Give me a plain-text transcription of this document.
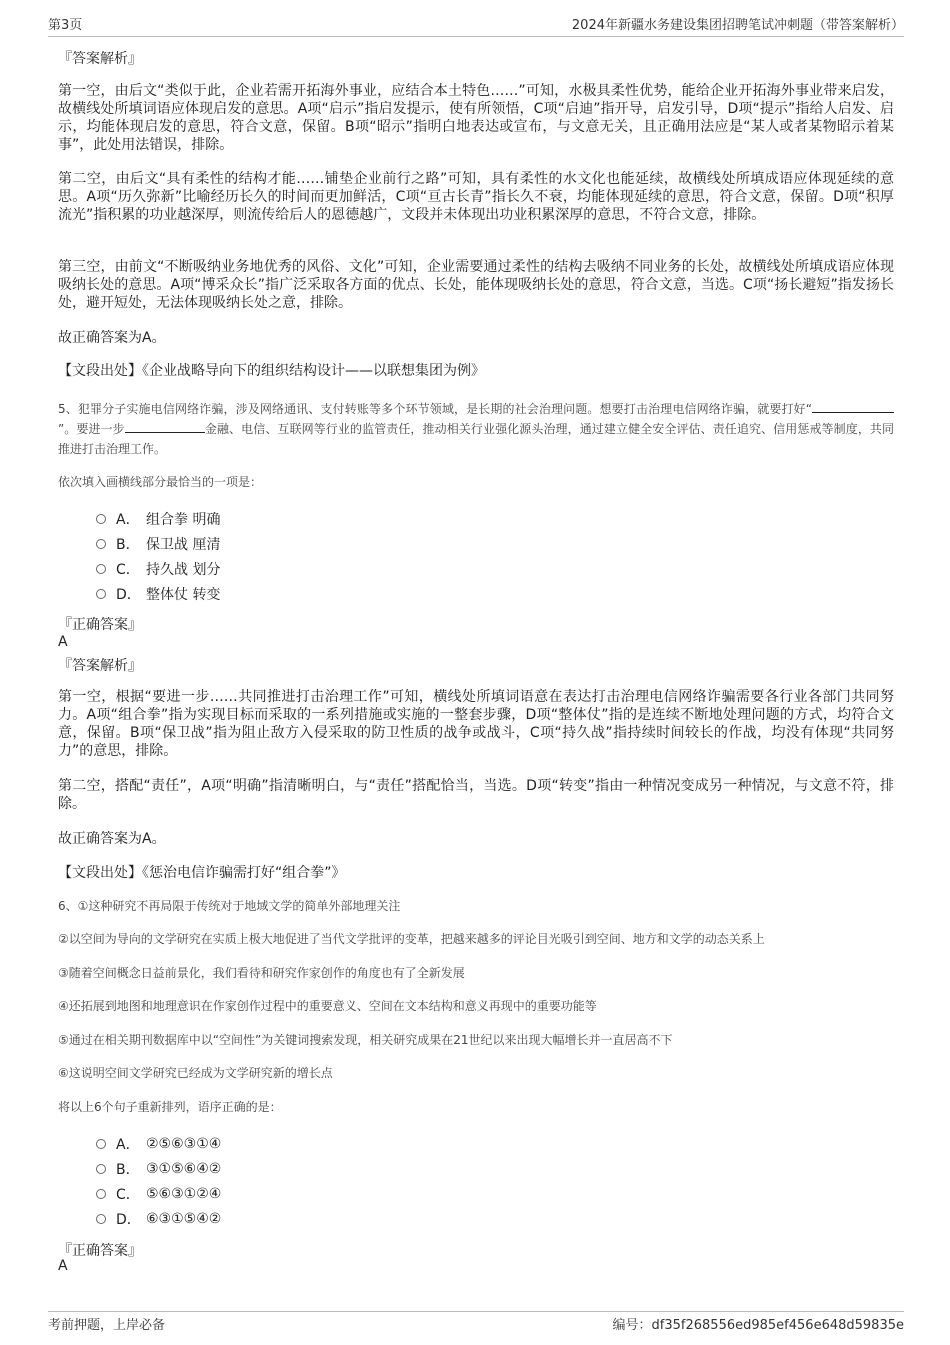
第3页	2024年新疆水务建设集团招聘笔试冲刺题（带答案解析）
『答案解析』

第一空，由后文“类似于此，企业若需开拓海外事业，应结合本土特色……”可知，水极具柔性优势，能给企业开拓海外事业带来启发，故横线处所填词语应体现启发的意思。A项“启示”指启发提示，使有所领悟，C项“启迪”指开导，启发引导，D项“提示”指给人启发、启示，均能体现启发的意思，符合文意，保留。B项“昭示”指明白地表达或宣布，与文意无关，且正确用法应是“某人或者某物昭示着某事”，此处用法错误，排除。

第二空，由后文“具有柔性的结构才能……铺垫企业前行之路”可知，具有柔性的水文化也能延续，故横线处所填成语应体现延续的意思。A项“历久弥新”比喻经历长久的时间而更加鲜活，C项“亘古长青”指长久不衰，均能体现延续的意思，符合文意，保留。D项“积厚流光”指积累的功业越深厚，则流传给后人的恩德越广，文段并未体现出功业积累深厚的意思，不符合文意，排除。

第三空，由前文“不断吸纳业务地优秀的风俗、文化”可知，企业需要通过柔性的结构去吸纳不同业务的长处，故横线处所填成语应体现吸纳长处的意思。A项“博采众长”指广泛采取各方面的优点、长处，能体现吸纳长处的意思，符合文意，当选。C项“扬长避短”指发扬长处，避开短处，无法体现吸纳长处之意，排除。

故正确答案为A。

【文段出处】《企业战略导向下的组织结构设计——以联想集团为例》
5、犯罪分子实施电信网络诈骗，涉及网络通讯、支付转账等多个环节领域，是长期的社会治理问题。想要打击治理电信网络诈骗，就要打好“”。要进一步	金融、电信、互联网等行业的监管责任，推动相关行业强化源头治理，通过建立健全安全评估、责任追究、信用惩戒等制度，共同推进打击治理工作。
依次填入画横线部分最恰当的一项是：
A． 组合拳 明确
B． 保卫战 厘清
C． 持久战 划分
D． 整体仗 转变
『正确答案』
A
『答案解析』

第一空，根据“要进一步……共同推进打击治理工作”可知，横线处所填词语意在表达打击治理电信网络诈骗需要各行业各部门共同努力。A项“组合拳”指为实现目标而采取的一系列措施或实施的一整套步骤，D项“整体仗”指的是连续不断地处理问题的方式，均符合文意，保留。B项“保卫战”指为阻止敌方入侵采取的防卫性质的战争或战斗，C项“持久战”指持续时间较长的作战，均没有体现“共同努力”的意思，排除。

第二空，搭配“责任”，A项“明确”指清晰明白，与“责任”搭配恰当，当选。D项“转变”指由一种情况变成另一种情况，与文意不符，排除。

故正确答案为A。

【文段出处】《惩治电信诈骗需打好“组合拳”》
6、①这种研究不再局限于传统对于地域文学的简单外部地理关注
②以空间为导向的文学研究在实质上极大地促进了当代文学批评的变革，把越来越多的评论目光吸引到空间、地方和文学的动态关系上
③随着空间概念日益前景化，我们看待和研究作家创作的角度也有了全新发展
④还拓展到地图和地理意识在作家创作过程中的重要意义、空间在文本结构和意义再现中的重要功能等
⑤通过在相关期刊数据库中以“空间性”为关键词搜索发现，相关研究成果在21世纪以来出现大幅增长并一直居高不下
⑥这说明空间文学研究已经成为文学研究新的增长点
将以上6个句子重新排列，语序正确的是：
A． ②⑤⑥③①④
B． ③①⑤⑥④②
C． ⑤⑥③①②④
D． ⑥③①⑤④②
『正确答案』
A
考前押题，上岸必备	编号：df35f268556ed985ef456e648d59835e
